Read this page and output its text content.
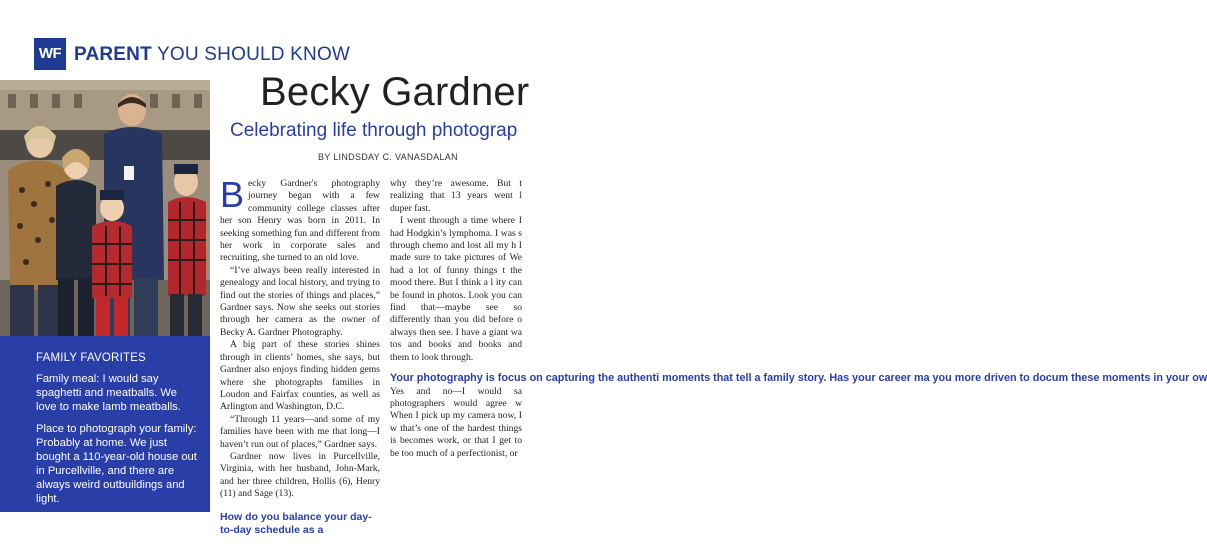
WF PARENT YOU SHOULD KNOW
FAMILY FAVORITES

Family meal: I would say spaghetti and meatballs. We love to make lamb meatballs.

Place to photograph your family: Probably at home. We just bought a 110-year-old house out in Purcellville, and there are always weird outbuildings and light.

Family photo: We spent some time living abroad in England. My boys were a couple of years

Becky Gardner
Celebrating life through photograp
BY LINDSDAY C. VANASDALAN

Becky Gardner's photography journey began with a few community college classes after her son Henry was born in 2011. In seeking something fun and different from her work in corporate sales and recruiting, she turned to an old love.

“I’ve always been really interested in genealogy and local history, and trying to find out the stories of things and places,” Gardner says. Now she seeks out stories through her camera as the owner of Becky A. Gardner Photography.

A big part of these stories shines through in clients’ homes, she says, but Gardner also enjoys finding hidden gems where she photographs families in Loudon and Fairfax counties, as well as Arlington and Washington, D.C.

“Through 11 years—and some of my families have been with me that long—I haven’t run out of places,” Gardner says.

Gardner now lives in Purcellville, Virginia, with her husband, John-Mark, and her three children, Hollis (6), Henry (11) and Sage (13).

How do you balance your day-to-day schedule as a

why they’re awesome. But t realizing that 13 years went l duper fast.

I went through a time where I had Hodgkin’s lymphoma. I was s through chemo and lost all my h I made sure to take pictures of We had a lot of funny things t the mood there. But I think a l ity can be found in photos. Look you can find that—maybe see so differently than you did before o always then see. I have a giant wa tos and books and books and them to look through.

Your photography is focus on capturing the authenti moments that tell a family story. Has your career ma you more driven to docum these moments in your ow

Yes and no—I would sa photographers would agree w When I pick up my camera now, I w that’s one of the hardest things is becomes work, or that I get to be too much of a perfectionist, or
